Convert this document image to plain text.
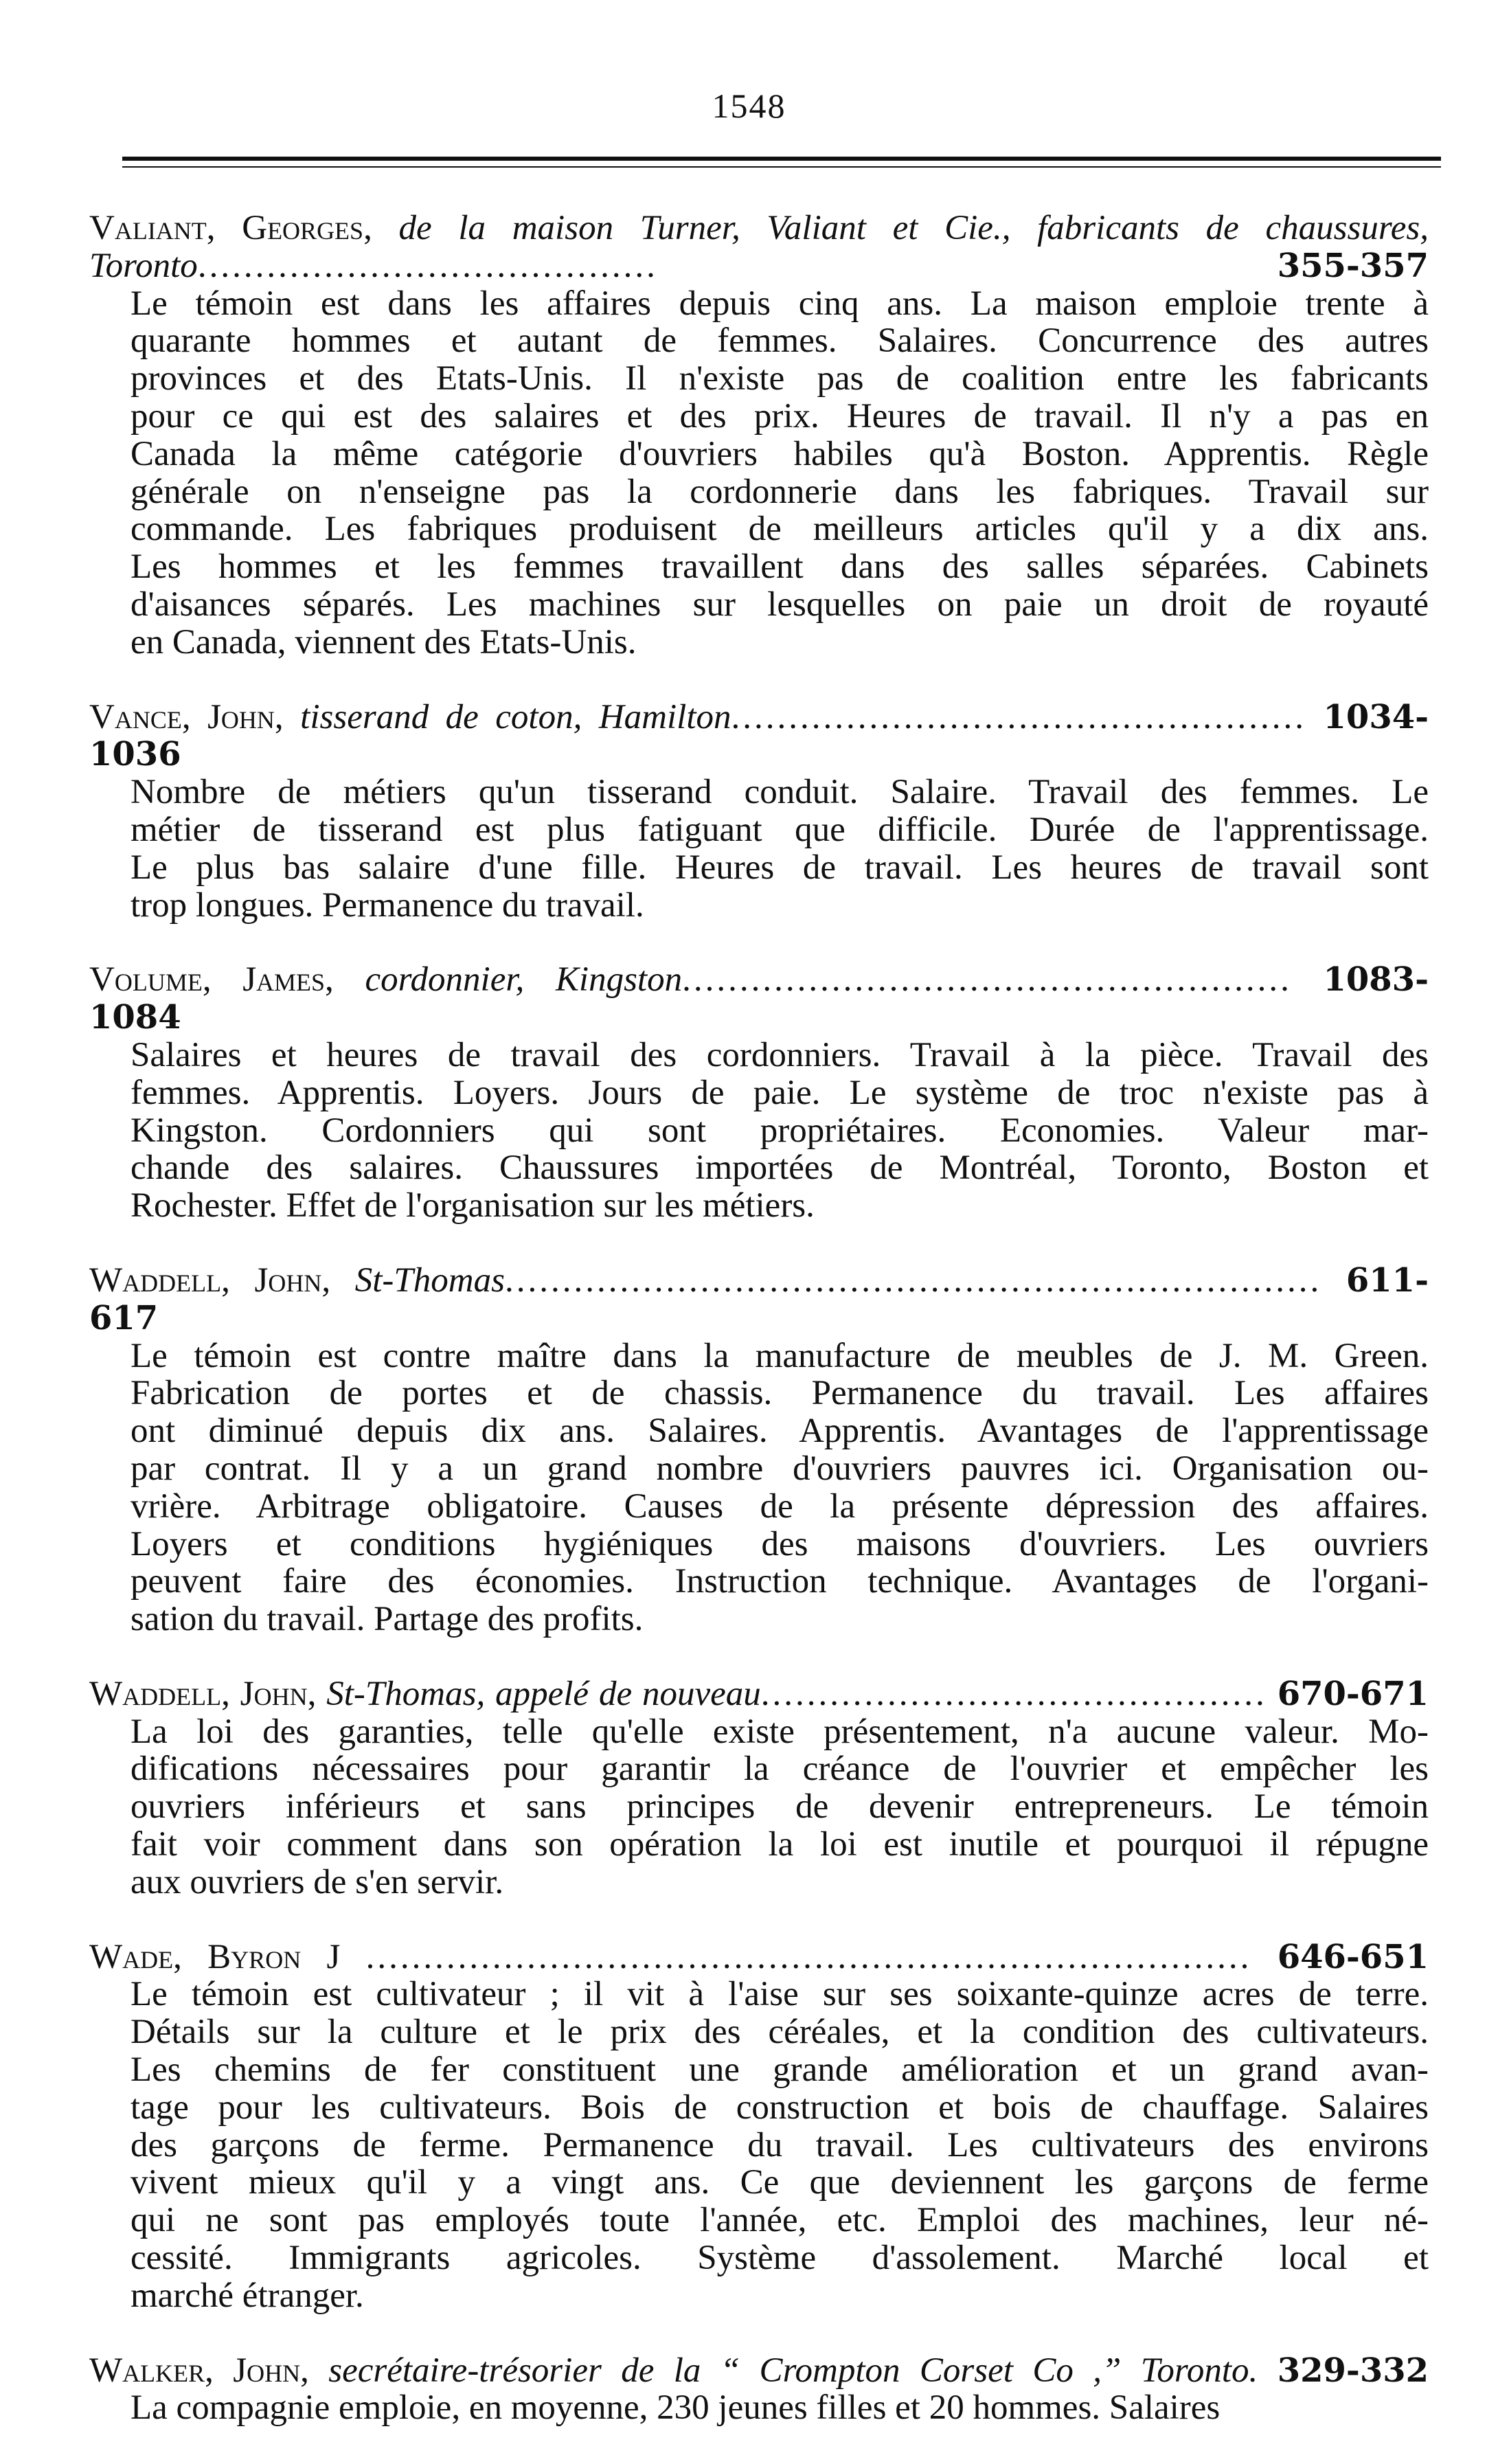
1548
Valiant, Georges, de la maison Turner, Valiant et Cie., fabricants de chaussures, Toronto........................................	355-357
Le témoin est dans les affaires depuis cinq ans. La maison emploie trente à
quarante hommes et autant de femmes. Salaires. Concurrence des autres
provinces et des Etats-Unis. Il n'existe pas de coalition entre les fabricants
pour ce qui est des salaires et des prix. Heures de travail. Il n'y a pas en
Canada la même catégorie d'ouvriers habiles qu'à Boston. Apprentis. Règle
générale on n'enseigne pas la cordonnerie dans les fabriques. Travail sur
commande. Les fabriques produisent de meilleurs articles qu'il y a dix ans.
Les hommes et les femmes travaillent dans des salles séparées. Cabinets
d'aisances séparés. Les machines sur lesquelles on paie un droit de royauté
en Canada, viennent des Etats-Unis.
Vance, John, tisserand de coton, Hamilton.................................................. 1034-1036
Nombre de métiers qu'un tisserand conduit. Salaire. Travail des femmes. Le
métier de tisserand est plus fatiguant que difficile. Durée de l'apprentissage.
Le plus bas salaire d'une fille. Heures de travail. Les heures de travail sont
trop longues. Permanence du travail.
Volume, James, cordonnier, Kingston..................................................... 1083-1084
Salaires et heures de travail des cordonniers. Travail à la pièce. Travail des
femmes. Apprentis. Loyers. Jours de paie. Le système de troc n'existe pas à
Kingston. Cordonniers qui sont propriétaires. Economies. Valeur mar-
chande des salaires. Chaussures importées de Montréal, Toronto, Boston et
Rochester. Effet de l'organisation sur les métiers.
Waddell, John, St-Thomas....................................................................... 611-617
Le témoin est contre maître dans la manufacture de meubles de J. M. Green.
Fabrication de portes et de chassis. Permanence du travail. Les affaires
ont diminué depuis dix ans. Salaires. Apprentis. Avantages de l'apprentissage
par contrat. Il y a un grand nombre d'ouvriers pauvres ici. Organisation ou-
vrière. Arbitrage obligatoire. Causes de la présente dépression des affaires.
Loyers et conditions hygiéniques des maisons d'ouvriers. Les ouvriers
peuvent faire des économies. Instruction technique. Avantages de l'organi-
sation du travail. Partage des profits.
Waddell, John, St-Thomas, appelé de nouveau............................................ 670-671
La loi des garanties, telle qu'elle existe présentement, n'a aucune valeur. Mo-
difications nécessaires pour garantir la créance de l'ouvrier et empêcher les
ouvriers inférieurs et sans principes de devenir entrepreneurs. Le témoin
fait voir comment dans son opération la loi est inutile et pourquoi il répugne
aux ouvriers de s'en servir.
Wade, Byron J ............................................................................. 646-651
Le témoin est cultivateur ; il vit à l'aise sur ses soixante-quinze acres de terre.
Détails sur la culture et le prix des céréales, et la condition des cultivateurs.
Les chemins de fer constituent une grande amélioration et un grand avan-
tage pour les cultivateurs. Bois de construction et bois de chauffage. Salaires
des garçons de ferme. Permanence du travail. Les cultivateurs des environs
vivent mieux qu'il y a vingt ans. Ce que deviennent les garçons de ferme
qui ne sont pas employés toute l'année, etc. Emploi des machines, leur né-
cessité. Immigrants agricoles. Système d'assolement. Marché local et
marché étranger.
Walker, John, secrétaire-trésorier de la “ Crompton Corset Co ,” Toronto. 329-332
La compagnie emploie, en moyenne, 230 jeunes filles et 20 hommes. Salaires
